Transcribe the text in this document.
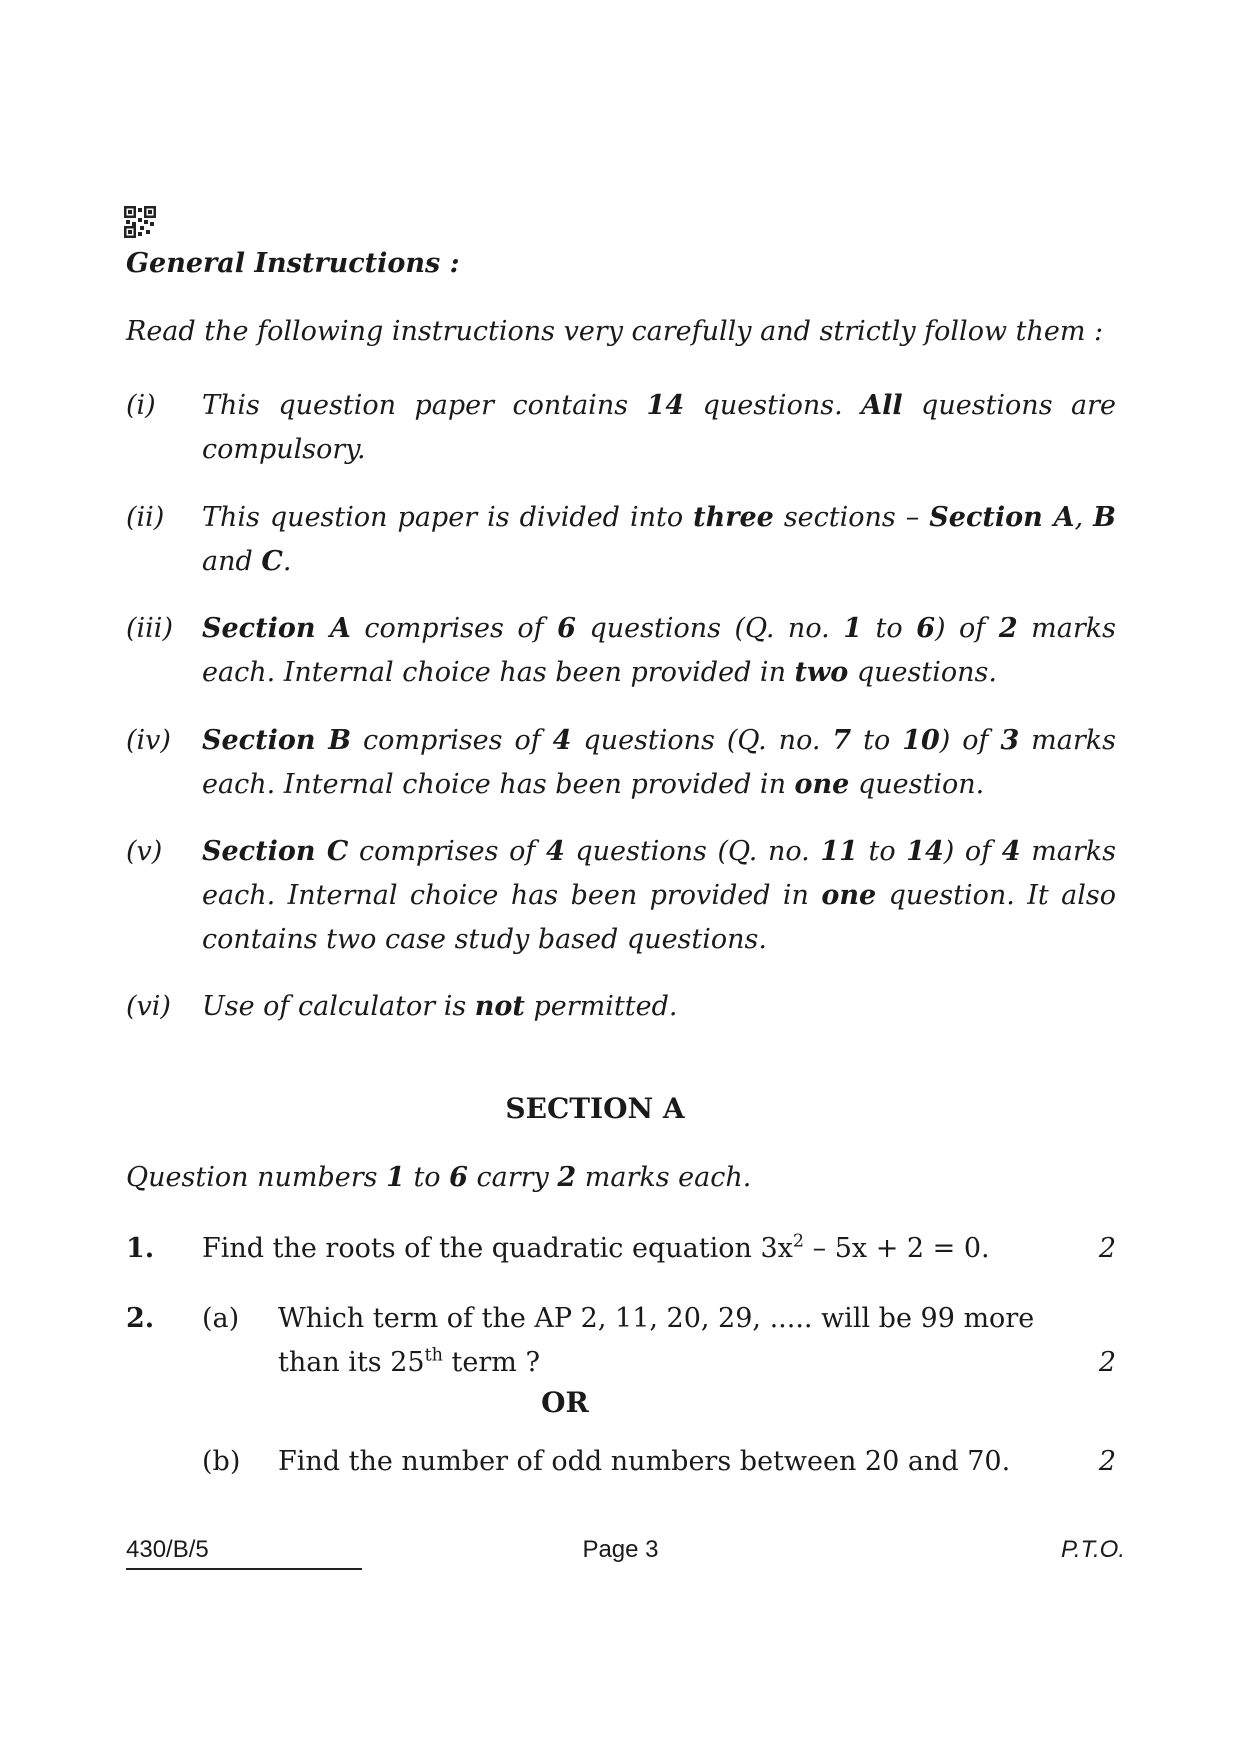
General Instructions :
Read the following instructions very carefully and strictly follow them :
(i) This question paper contains 14 questions. All questions are compulsory.
(ii) This question paper is divided into three sections – Section A, B and C.
(iii) Section A comprises of 6 questions (Q. no. 1 to 6) of 2 marks each. Internal choice has been provided in two questions.
(iv) Section B comprises of 4 questions (Q. no. 7 to 10) of 3 marks each. Internal choice has been provided in one question.
(v) Section C comprises of 4 questions (Q. no. 11 to 14) of 4 marks each. Internal choice has been provided in one question. It also contains two case study based questions.
(vi) Use of calculator is not permitted.
SECTION A
Question numbers 1 to 6 carry 2 marks each.
1. Find the roots of the quadratic equation $3x^2 - 5x + 2 = 0$.	2
2. (a) Which term of the AP 2, 11, 20, 29, ..... will be 99 more than its 25th term ?	2
OR
(b) Find the number of odd numbers between 20 and 70.	2
430/B/5	Page 3	P.T.O.
